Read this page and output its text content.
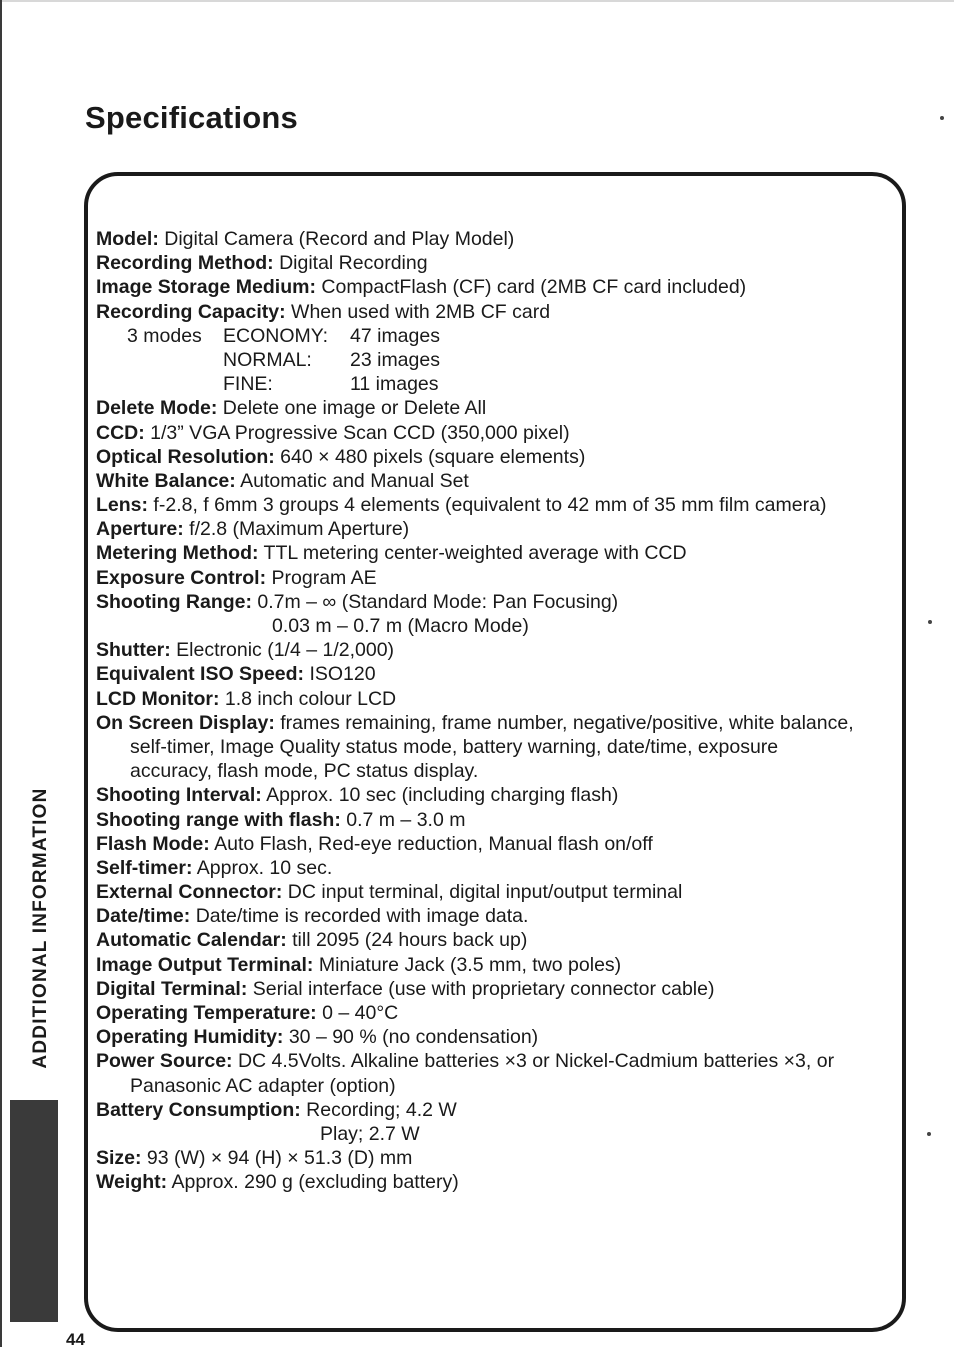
Specifications
Model: Digital Camera (Record and Play Model)
Recording Method: Digital Recording
Image Storage Medium: CompactFlash (CF) card (2MB CF card included)
Recording Capacity: When used with 2MB CF card
3 modes	ECONOMY:
NORMAL:
FINE:
47 images
23 images
11 images
Delete Mode: Delete one image or Delete All
CCD: 1/3” VGA Progressive Scan CCD (350,000 pixel)
Optical Resolution: 640 × 480 pixels (square elements)
White Balance: Automatic and Manual Set
Lens: f-2.8, f 6mm 3 groups 4 elements (equivalent to 42 mm of 35 mm film camera)
Aperture: f/2.8 (Maximum Aperture)
Metering Method: TTL metering center-weighted average with CCD
Exposure Control: Program AE
Shooting Range: 0.7m – ∞ (Standard Mode: Pan Focusing)
0.03 m – 0.7 m (Macro Mode)
Shutter: Electronic (1/4 – 1/2,000)
Equivalent ISO Speed: ISO120
LCD Monitor: 1.8 inch colour LCD
On Screen Display: frames remaining, frame number, negative/positive, white balance,
self-timer, Image Quality status mode, battery warning, date/time, exposure
accuracy, flash mode, PC status display.
Shooting Interval: Approx. 10 sec (including charging flash)
Shooting range with flash: 0.7 m – 3.0 m
Flash Mode: Auto Flash, Red-eye reduction, Manual flash on/off
Self-timer: Approx. 10 sec.
External Connector: DC input terminal, digital input/output terminal
Date/time: Date/time is recorded with image data.
Automatic Calendar: till 2095 (24 hours back up)
Image Output Terminal: Miniature Jack (3.5 mm, two poles)
Digital Terminal: Serial interface (use with proprietary connector cable)
Operating Temperature: 0 – 40°C
Operating Humidity: 30 – 90 % (no condensation)
Power Source: DC 4.5Volts. Alkaline batteries ×3 or Nickel-Cadmium batteries ×3, or
Panasonic AC adapter (option)
Battery Consumption: Recording; 4.2 W
Play; 2.7 W
Size: 93 (W) × 94 (H) × 51.3 (D) mm
Weight: Approx. 290 g (excluding battery)
ADDITIONAL INFORMATION
44
